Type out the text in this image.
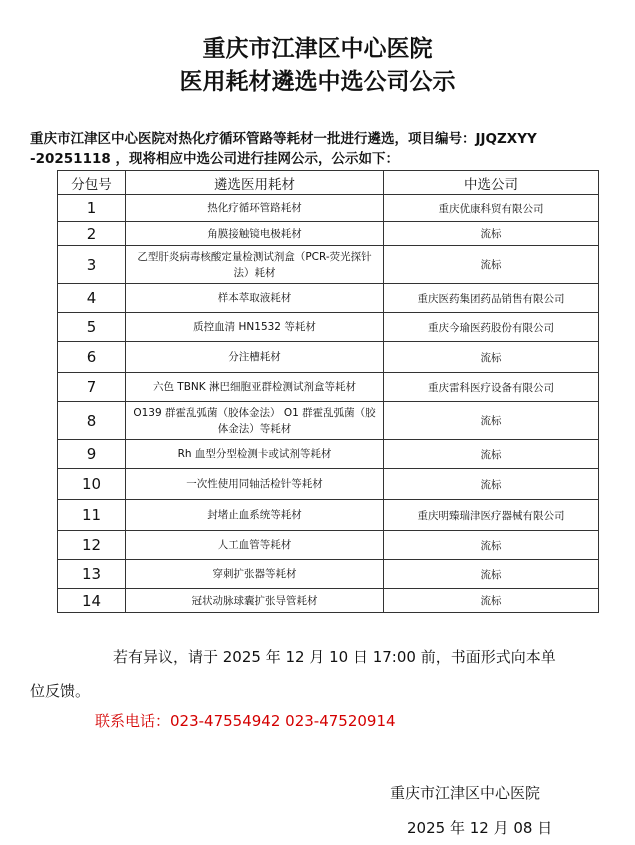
重庆市江津区中心医院
医用耗材遴选中选公司公示
重庆市江津区中心医院对热化疗循环管路等耗材一批进行遴选，项目编号：JJQZXYY
-20251118 ，现将相应中选公司进行挂网公示，公示如下：
分包号	遴选医用耗材	中选公司
1	热化疗循环管路耗材	重庆优康科贸有限公司
2	角膜接触镜电极耗材	流标
3	乙型肝炎病毒核酸定量检测试剂盒（PCR-荧光探针法）耗材	流标
4	样本萃取液耗材	重庆医药集团药品销售有限公司
5	质控血清 HN1532 等耗材	重庆今瑜医药股份有限公司
6	分注槽耗材	流标
7	六色 TBNK 淋巴细胞亚群检测试剂盒等耗材	重庆雷科医疗设备有限公司
8	O139 群霍乱弧菌（胶体金法） O1 群霍乱弧菌（胶体金法）等耗材	流标
9	Rh 血型分型检测卡或试剂等耗材	流标
10	一次性使用同轴活检针等耗材	流标
11	封堵止血系统等耗材	重庆明臻瑞津医疗器械有限公司
12	人工血管等耗材	流标
13	穿刺扩张器等耗材	流标
14	冠状动脉球囊扩张导管耗材	流标
若有异议，请于 2025 年 12 月 10 日 17:00 前，书面形式向本单
位反馈。
联系电话：023-47554942 023-47520914
重庆市江津区中心医院
2025 年 12 月 08 日
